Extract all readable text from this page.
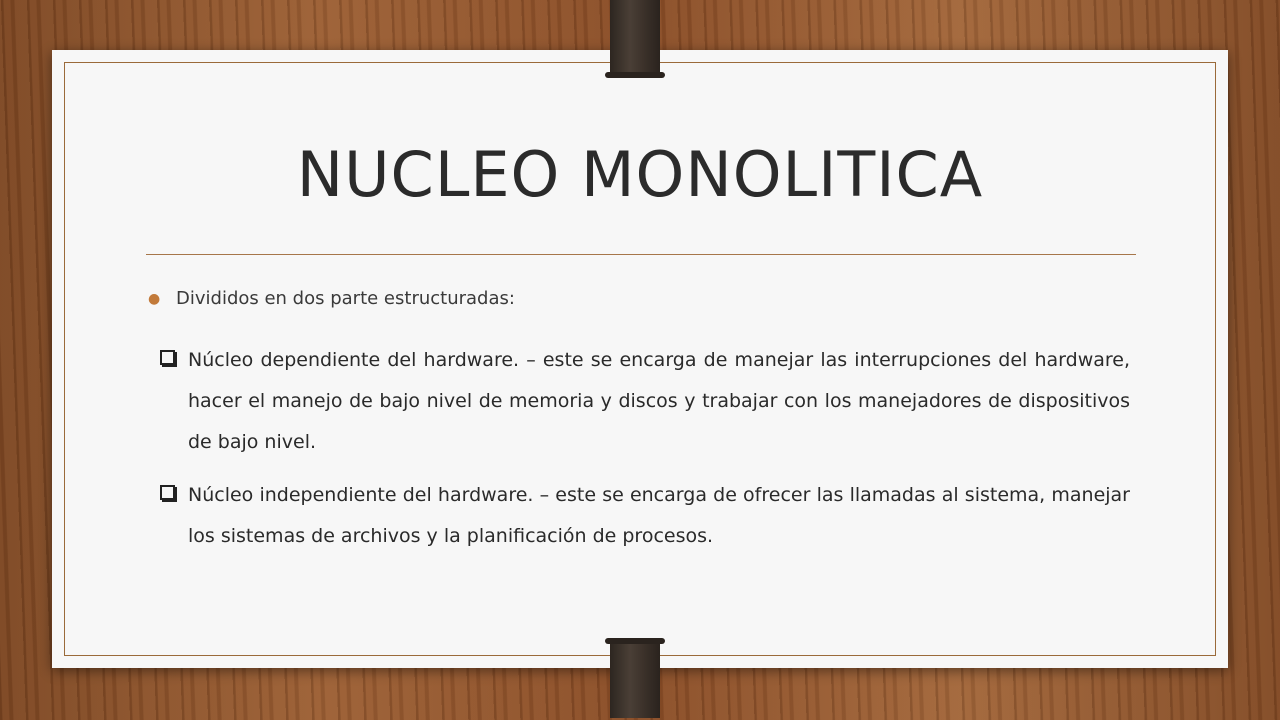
NUCLEO MONOLITICA
● Divididos en dos parte estructuradas:
Núcleo dependiente del hardware. – este se encarga de manejar las interrupciones del hardware, hacer el manejo de bajo nivel de memoria y discos y trabajar con los manejadores de dispositivos de bajo nivel.
Núcleo independiente del hardware. – este se encarga de ofrecer las llamadas al sistema, manejar los sistemas de archivos y la planificación de procesos.
